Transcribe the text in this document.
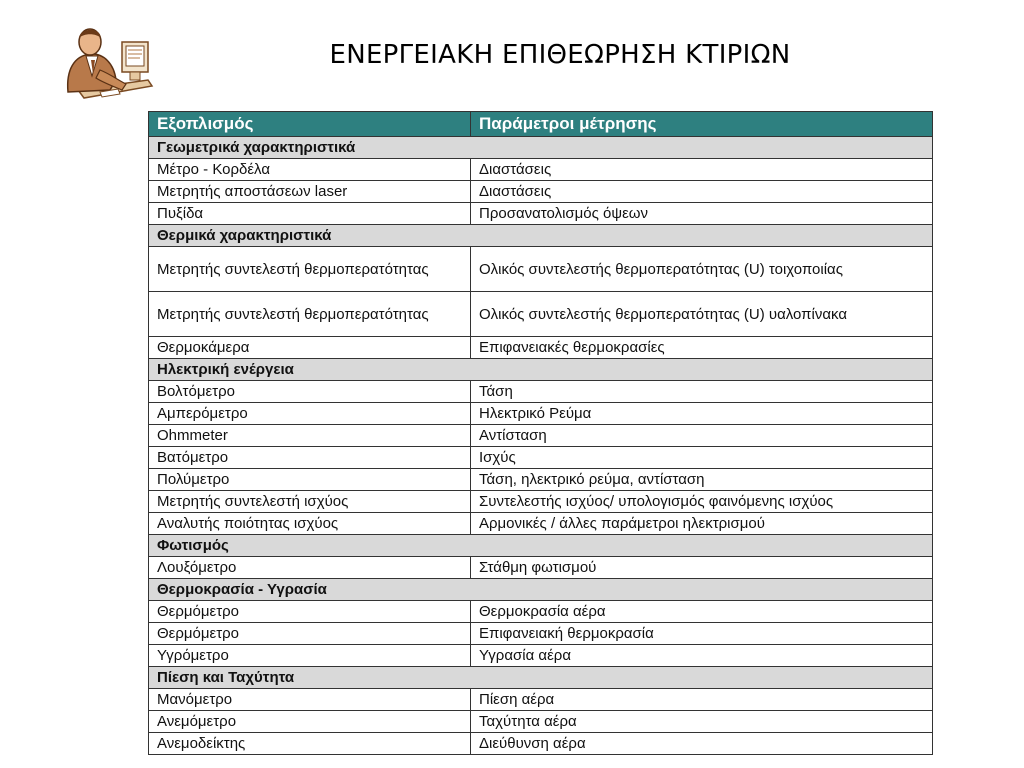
ΕΝΕΡΓΕΙΑΚΗ ΕΠΙΘΕΩΡΗΣΗ ΚΤΙΡΙΩΝ
Εξοπλισμός	Παράμετροι μέτρησης
Γεωμετρικά χαρακτηριστικά	
Μέτρο - Κορδέλα	Διαστάσεις
Μετρητής αποστάσεων laser	Διαστάσεις
Πυξίδα	Προσανατολισμός όψεων
Θερμικά χαρακτηριστικά	
Μετρητής συντελεστή θερμοπερατότητας	Ολικός συντελεστής θερμοπερατότητας (U) τοιχοποιίας
Μετρητής συντελεστή θερμοπερατότητας	Ολικός συντελεστής θερμοπερατότητας (U) υαλοπίνακα
Θερμοκάμερα	Επιφανειακές θερμοκρασίες
Ηλεκτρική ενέργεια	
Βολτόμετρο	Τάση
Αμπερόμετρο	Ηλεκτρικό Ρεύμα
Ohmmeter	Αντίσταση
Βατόμετρο	Ισχύς
Πολύμετρο	Τάση, ηλεκτρικό ρεύμα, αντίσταση
Μετρητής συντελεστή ισχύος	Συντελεστής ισχύος/ υπολογισμός φαινόμενης ισχύος
Αναλυτής ποιότητας ισχύος	Αρμονικές / άλλες παράμετροι ηλεκτρισμού
Φωτισμός	
Λουξόμετρο	Στάθμη φωτισμού
Θερμοκρασία - Υγρασία	
Θερμόμετρο	Θερμοκρασία αέρα
Θερμόμετρο	Επιφανειακή θερμοκρασία
Υγρόμετρο	Υγρασία αέρα
Πίεση και Ταχύτητα	
Μανόμετρο	Πίεση αέρα
Ανεμόμετρο	Ταχύτητα αέρα
Ανεμοδείκτης	Διεύθυνση αέρα
